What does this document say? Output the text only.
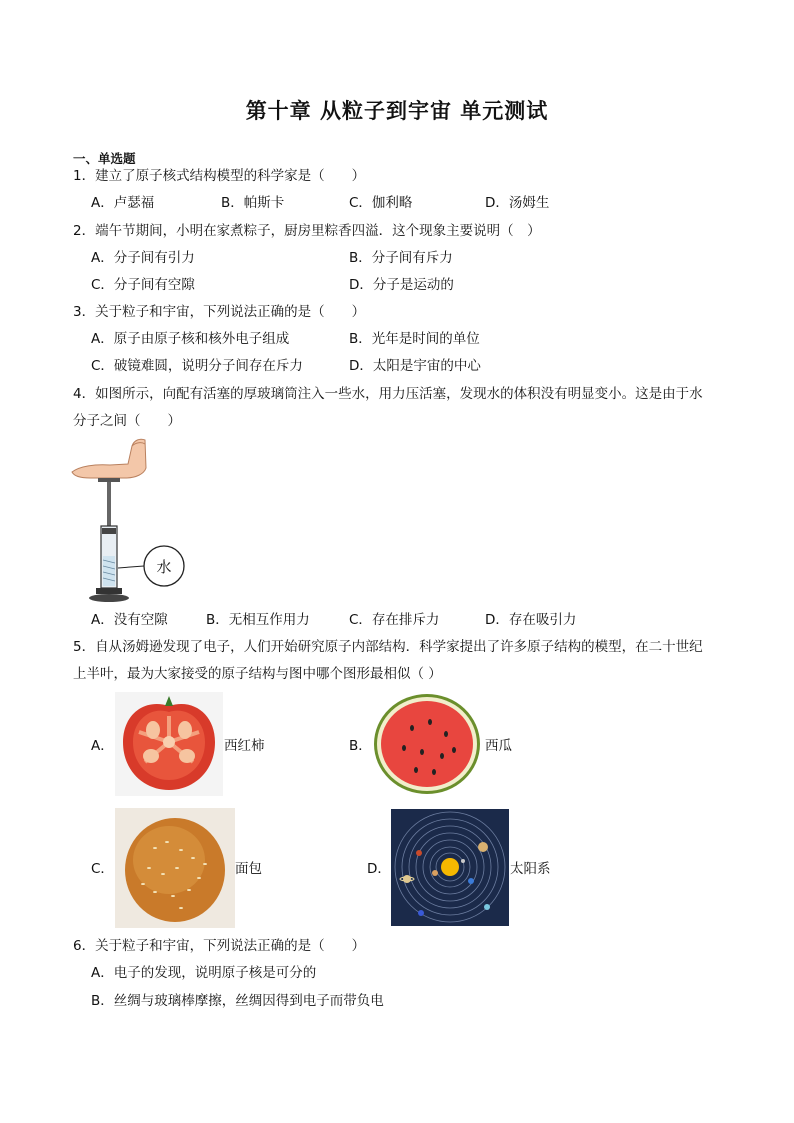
第十章 从粒子到宇宙 单元测试
一、单选题
1．建立了原子核式结构模型的科学家是（　　）
A．卢瑟福	B．帕斯卡	C．伽利略	D．汤姆生
2．端午节期间，小明在家煮粽子，厨房里粽香四溢．这个现象主要说明（　）
A．分子间有引力	B．分子间有斥力
C．分子间有空隙	D．分子是运动的
3．关于粒子和宇宙，下列说法正确的是（　　）
A．原子由原子核和核外电子组成	B．光年是时间的单位
C．破镜难圆，说明分子间存在斥力	D．太阳是宇宙的中心
4．如图所示，向配有活塞的厚玻璃筒注入一些水，用力压活塞，发现水的体积没有明显变小。这是由于水
分子之间（　　）
水
A．没有空隙	B．无相互作用力	C．存在排斥力	D．存在吸引力
5．自从汤姆逊发现了电子，人们开始研究原子内部结构．科学家提出了许多原子结构的模型，在二十世纪
上半叶，最为大家接受的原子结构与图中哪个图形最相似（ ）
A．	西红柿	B．	西瓜
C．	面包	D．	太阳系
6．关于粒子和宇宙，下列说法正确的是（　　）
A．电子的发现，说明原子核是可分的
B．丝绸与玻璃棒摩擦，丝绸因得到电子而带负电
